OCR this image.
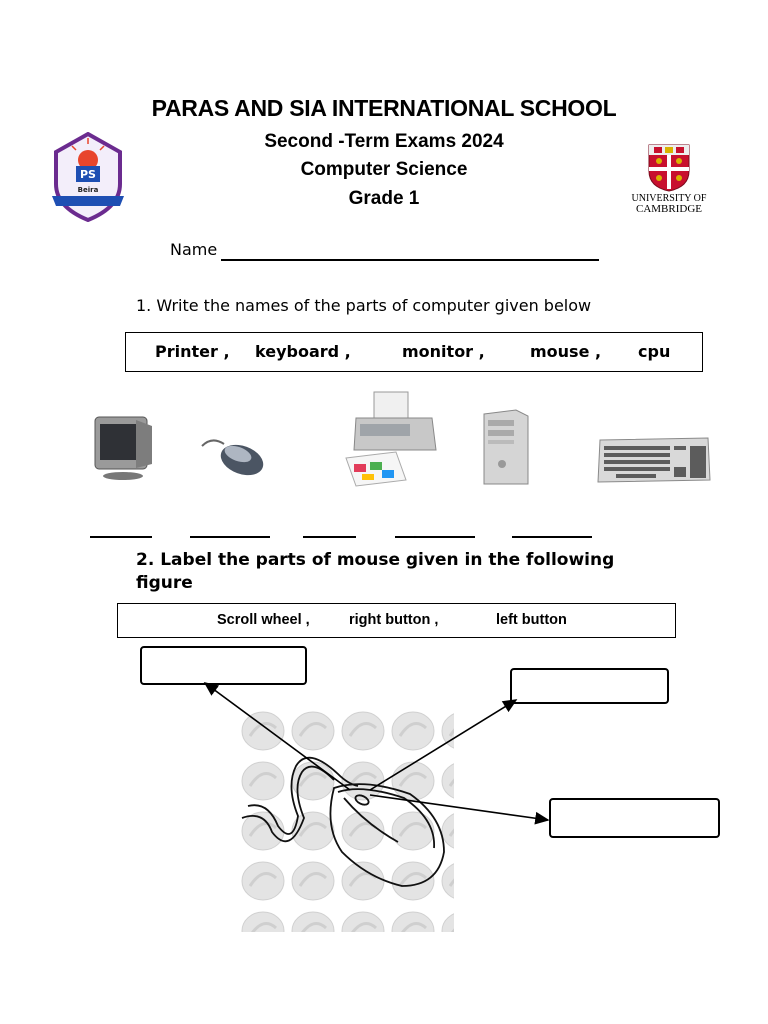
PARAS AND SIA INTERNATIONAL SCHOOL
Second -Term Exams 2024
Computer Science
Grade 1
PS
Beira
UNIVERSITY OF
CAMBRIDGE
Name
1. Write the names of the parts of computer given below
Printer , keyboard ,	monitor ,	mouse , cpu
2. Label the parts of mouse given in the following figure
Scroll wheel ,	right button ,	left button
